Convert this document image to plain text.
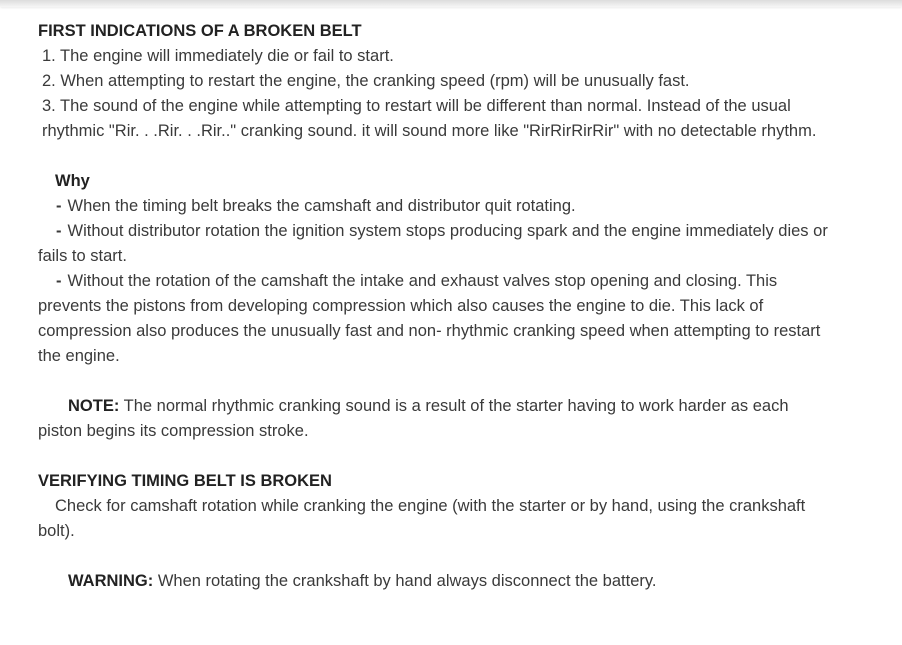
FIRST INDICATIONS OF A BROKEN BELT

1. The engine will immediately die or fail to start.

2. When attempting to restart the engine, the cranking speed (rpm) will be unusually fast.

3. The sound of the engine while attempting to restart will be different than normal. Instead of the usual rhythmic "Rir. . .Rir. . .Rir.." cranking sound. it will sound more like "RirRirRirRir" with no detectable rhythm.

Why

- When the timing belt breaks the camshaft and distributor quit rotating.

- Without distributor rotation the ignition system stops producing spark and the engine immediately dies or fails to start.

- Without the rotation of the camshaft the intake and exhaust valves stop opening and closing. This prevents the pistons from developing compression which also causes the engine to die. This lack of compression also produces the unusually fast and non- rhythmic cranking speed when attempting to restart the engine.

NOTE: The normal rhythmic cranking sound is a result of the starter having to work harder as each piston begins its compression stroke.

VERIFYING TIMING BELT IS BROKEN

Check for camshaft rotation while cranking the engine (with the starter or by hand, using the crankshaft bolt).

WARNING: When rotating the crankshaft by hand always disconnect the battery.
